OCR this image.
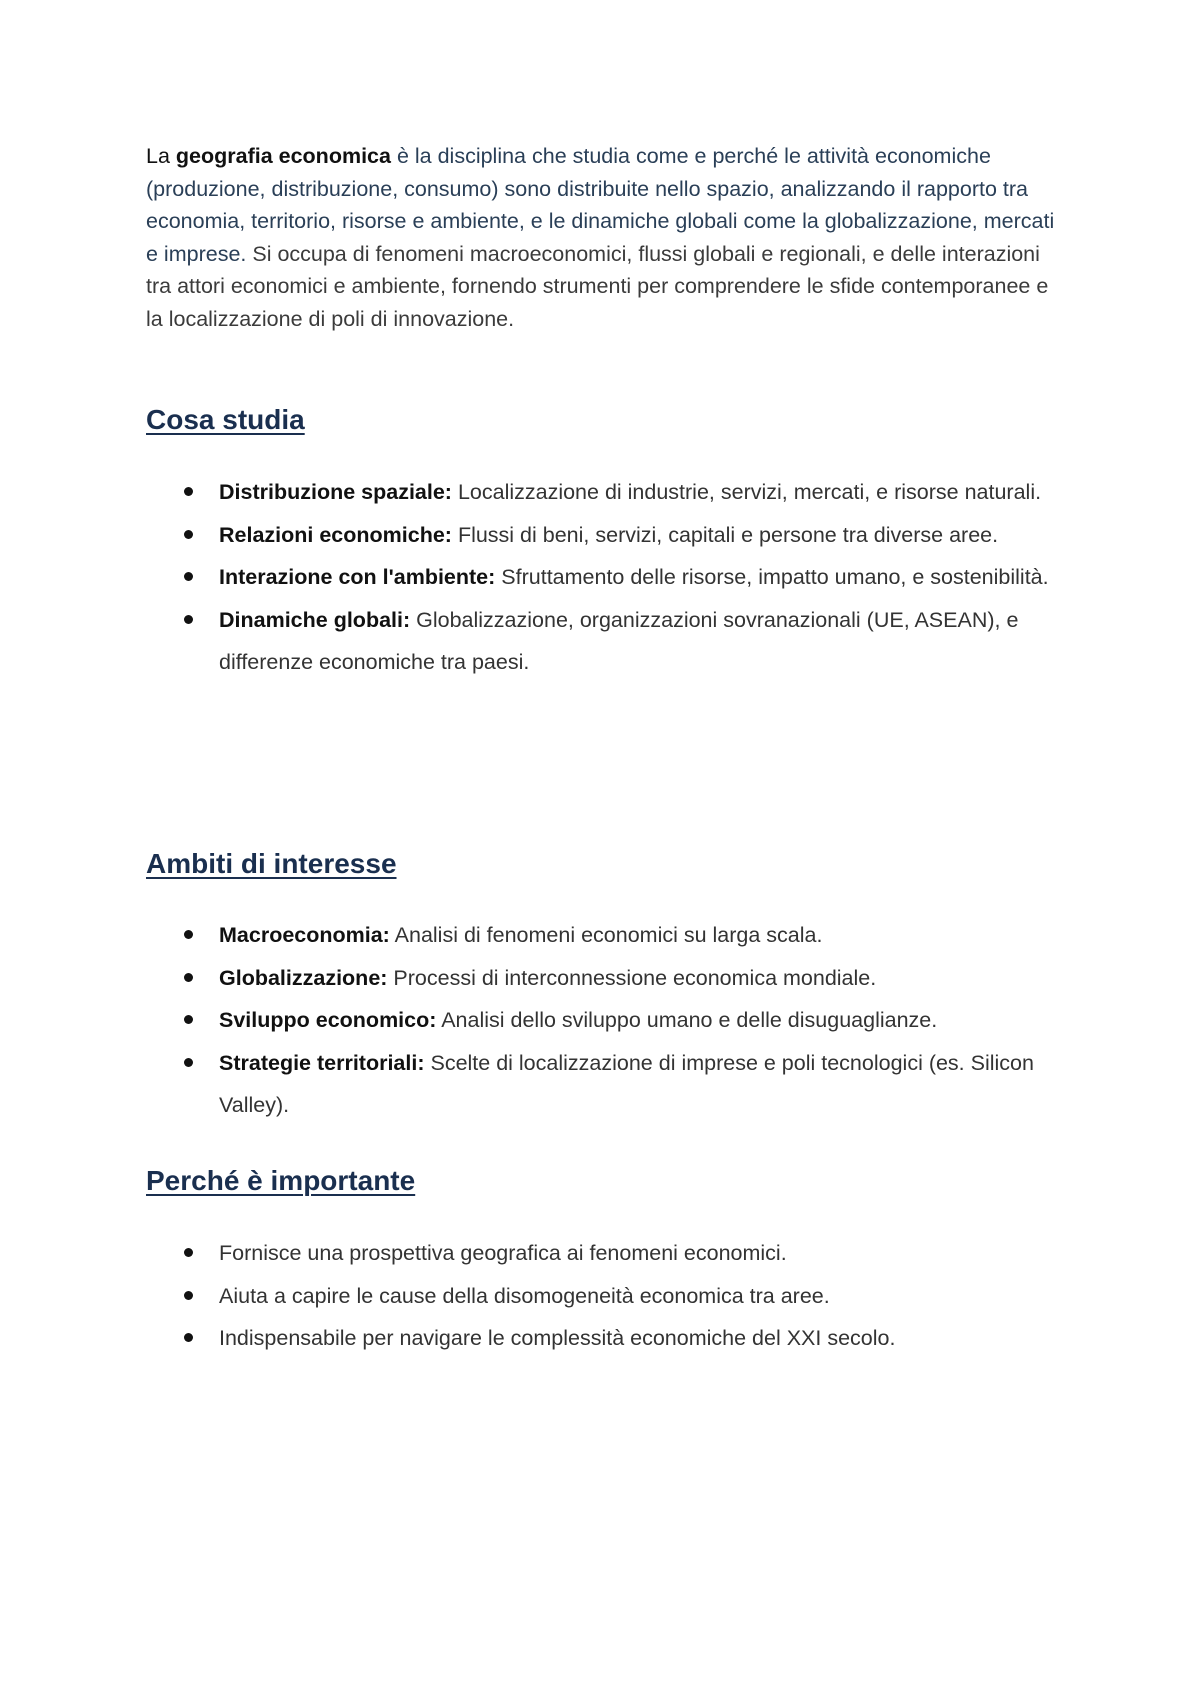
La geografia economica è la disciplina che studia come e perché le attività economiche (produzione, distribuzione, consumo) sono distribuite nello spazio, analizzando il rapporto tra economia, territorio, risorse e ambiente, e le dinamiche globali come la globalizzazione, mercati e imprese. Si occupa di fenomeni macroeconomici, flussi globali e regionali, e delle interazioni tra attori economici e ambiente, fornendo strumenti per comprendere le sfide contemporanee e la localizzazione di poli di innovazione.

Cosa studia
Distribuzione spaziale: Localizzazione di industrie, servizi, mercati, e risorse naturali.
Relazioni economiche: Flussi di beni, servizi, capitali e persone tra diverse aree.
Interazione con l'ambiente: Sfruttamento delle risorse, impatto umano, e sostenibilità.
Dinamiche globali: Globalizzazione, organizzazioni sovranazionali (UE, ASEAN), e differenze economiche tra paesi.
Ambiti di interesse
Macroeconomia: Analisi di fenomeni economici su larga scala.
Globalizzazione: Processi di interconnessione economica mondiale.
Sviluppo economico: Analisi dello sviluppo umano e delle disuguaglianze.
Strategie territoriali: Scelte di localizzazione di imprese e poli tecnologici (es. Silicon Valley).
Perché è importante
Fornisce una prospettiva geografica ai fenomeni economici.
Aiuta a capire le cause della disomogeneità economica tra aree.
Indispensabile per navigare le complessità economiche del XXI secolo.
